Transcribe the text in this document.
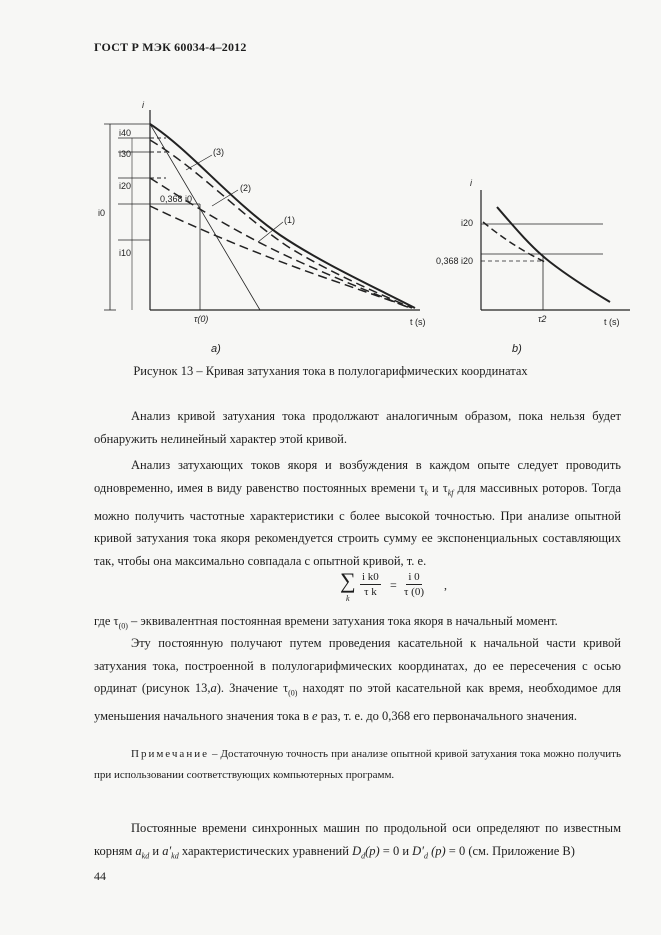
ГОСТ Р МЭК 60034-4–2012
i
i40
i30
i20
i0
i10
0,368 i0
τ(0)	t (s)
(3)
(2)
(1)
a)
i
i20
0,368 i20
τ2	t (s)
b)
Рисунок 13 – Кривая затухания тока в полулогарифмических координатах

Анализ кривой затухания тока продолжают аналогичным образом, пока нельзя будет обнаружить нелинейный характер этой кривой.

Анализ затухающих токов якоря и возбуждения в каждом опыте следует проводить одновременно, имея в виду равенство постоянных времени $\tau_k$ и $\tau_{kf}$ для массивных роторов. Тогда можно получить частотные характеристики с более высокой точностью. При анализе опытной кривой затухания тока якоря рекомендуется строить сумму ее экспоненциальных составляющих так, чтобы она максимально совпадала с опытной кривой, т. е.

∑
k $\frac{\text{i k0}}{\text{τ k}} = \frac{i 0}{\tau (0)}$ ,

где $\tau_{(0)}$ – эквивалентная постоянная времени затухания тока якоря в начальный момент.

Эту постоянную получают путем проведения касательной к начальной части кривой затухания тока, построенной в полулогарифмических координатах, до ее пересечения с осью ординат (рисунок 13,а). Значение $\tau_{(0)}$ находят по этой касательной как время, необходимое для уменьшения начального значения тока в е раз, т. е. до 0,368 его первоначального значения.

Примечание – Достаточную точность при анализе опытной кривой затухания тока можно получить при использовании соответствующих компьютерных программ.

Постоянные времени синхронных машин по продольной оси определяют по известным корням $a_{kd}$ и $a'_{kd}$ характеристических уравнений $D_d(p) = 0$ и $D'_d$ (p) = 0 (см. Приложение В)

44
